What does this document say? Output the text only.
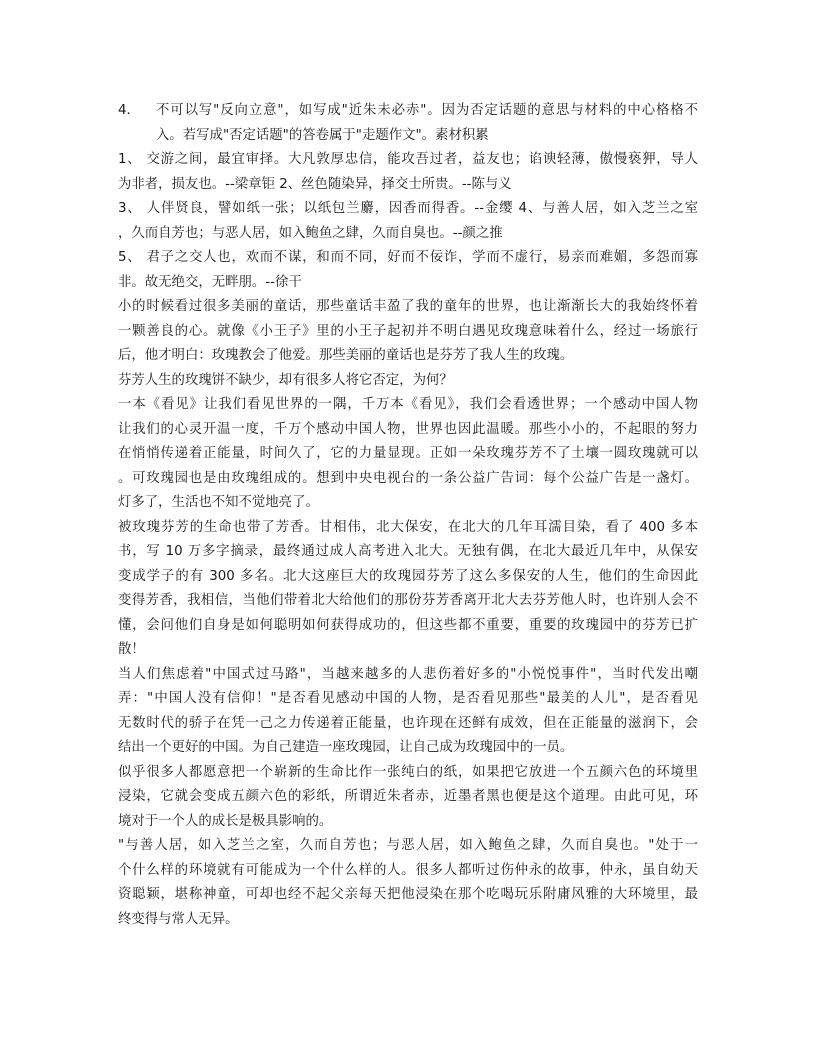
4．	不可以写"反向立意"，如写成"近朱未必赤"。因为否定话题的意思与材料的中心格格不
入。若写成"否定话题"的答卷属于"走题作文"。素材积累
1、 交游之间，最宜审择。大凡敦厚忠信，能攻吾过者，益友也；谄谀轻薄，傲慢亵狎，导人
为非者，损友也。--梁章钜 2、丝色随染异，择交士所贵。--陈与义
3、 人伴贤良，譬如纸一张；以纸包兰麝，因香而得香。--金缨 4、与善人居，如入芝兰之室
，久而自芳也；与恶人居，如入鲍鱼之肆，久而自臭也。--颜之推
5、 君子之交人也，欢而不谋，和而不同，好而不佞诈，学而不虚行，易亲而难媚，多怨而寡
非。故无绝交，无畔朋。--徐干
小的时候看过很多美丽的童话，那些童话丰盈了我的童年的世界，也让渐渐长大的我始终怀着
一颗善良的心。就像《小王子》里的小王子起初并不明白遇见玫瑰意味着什么，经过一场旅行
后，他才明白：玫瑰教会了他爱。那些美丽的童话也是芬芳了我人生的玫瑰。
芬芳人生的玫瑰饼不缺少，却有很多人将它否定，为何？
一本《看见》让我们看见世界的一隅，千万本《看见》，我们会看透世界；一个感动中国人物
让我们的心灵开温一度，千万个感动中国人物，世界也因此温暖。那些小小的，不起眼的努力
在悄悄传递着正能量，时间久了，它的力量显现。正如一朵玫瑰芬芳不了土壤一圆玫瑰就可以
。可玫瑰园也是由玫瑰组成的。想到中央电视台的一条公益广告词：每个公益广告是一盏灯。
灯多了，生活也不知不觉地亮了。
被玫瑰芬芳的生命也带了芳香。甘相伟，北大保安，在北大的几年耳濡目染，看了 400 多本
书，写 10 万多字摘录，最终通过成人高考进入北大。无独有偶，在北大最近几年中，从保安
变成学子的有 300 多名。北大这座巨大的玫瑰园芬芳了这么多保安的人生，他们的生命因此
变得芳香，我相信，当他们带着北大给他们的那份芬芳香离开北大去芬芳他人时，也许别人会不
懂，会问他们自身是如何聪明如何获得成功的，但这些都不重要，重要的玫瑰园中的芬芳已扩
散！
当人们焦虑着"中国式过马路"，当越来越多的人悲伤着好多的"小悦悦事件"，当时代发出嘲
弄："中国人没有信仰！"是否看见感动中国的人物，是否看见那些"最美的人儿"，是否看见
无数时代的骄子在凭一己之力传递着正能量，也许现在还鲜有成效，但在正能量的滋润下，会
结出一个更好的中国。为自己建造一座玫瑰园，让自己成为玫瑰园中的一员。
似乎很多人都愿意把一个崭新的生命比作一张纯白的纸，如果把它放进一个五颜六色的环境里
浸染，它就会变成五颜六色的彩纸，所谓近朱者赤，近墨者黑也便是这个道理。由此可见，环
境对于一个人的成长是极具影响的。
"与善人居，如入芝兰之室，久而自芳也；与恶人居，如入鲍鱼之肆，久而自臭也。"处于一
个什么样的环境就有可能成为一个什么样的人。很多人都听过伤仲永的故事，仲永，虽自幼天
资聪颖，堪称神童，可却也经不起父亲每天把他浸染在那个吃喝玩乐附庸风雅的大环境里，最
终变得与常人无异。
